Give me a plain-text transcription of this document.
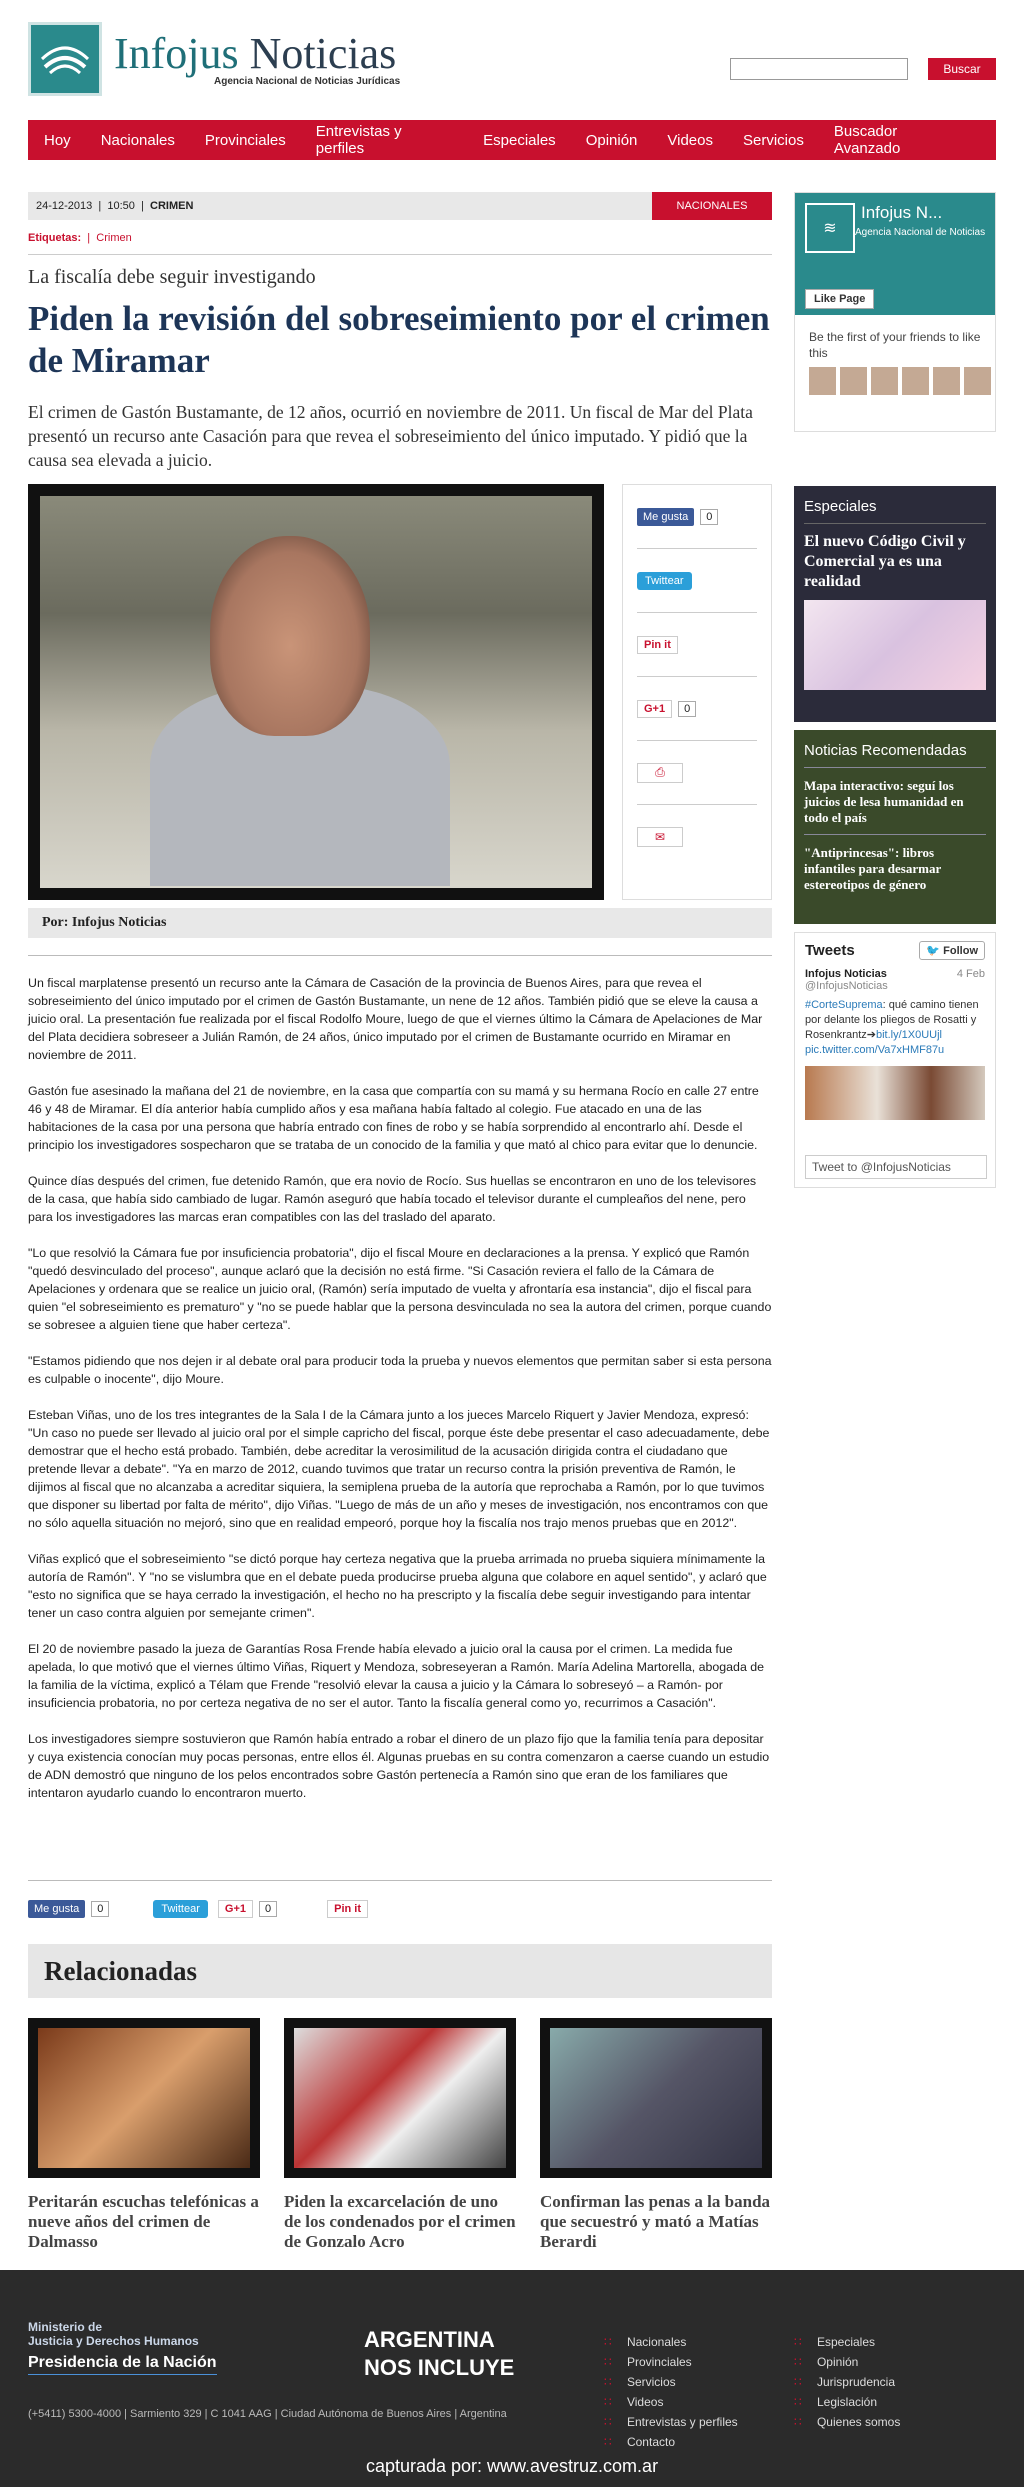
Infojus Noticias
Agencia Nacional de Noticias Jurídicas
Buscar
Hoy Nacionales Provinciales Entrevistas y perfiles	Especiales Opinión Videos Servicios Buscador Avanzado
24-12-2013 | 10:50 | CRIMEN	NACIONALES
Etiquetas:  |  Crimen
La fiscalía debe seguir investigando
Piden la revisión del sobreseimiento por el crimen de Miramar
El crimen de Gastón Bustamante, de 12 años, ocurrió en noviembre de 2011. Un fiscal de Mar del Plata presentó un recurso ante Casación para que revea el sobreseimiento del único imputado. Y pidió que la causa sea elevada a juicio.
Me gusta	0
Twittear
Pin it
G+1	0
⎙
✉
Por: Infojus Noticias

Un fiscal marplatense presentó un recurso ante la Cámara de Casación de la provincia de Buenos Aires, para que revea el sobreseimiento del único imputado por el crimen de Gastón Bustamante, un nene de 12 años. También pidió que se eleve la causa a juicio oral. La presentación fue realizada por el fiscal Rodolfo Moure, luego de que el viernes último la Cámara de Apelaciones de Mar del Plata decidiera sobreseer a Julián Ramón, de 24 años, único imputado por el crimen de Bustamante ocurrido en Miramar en noviembre de 2011.

Gastón fue asesinado la mañana del 21 de noviembre, en la casa que compartía con su mamá y su hermana Rocío en calle 27 entre 46 y 48 de Miramar. El día anterior había cumplido años y esa mañana había faltado al colegio. Fue atacado en una de las habitaciones de la casa por una persona que habría entrado con fines de robo y se había sorprendido al encontrarlo ahí. Desde el principio los investigadores sospecharon que se trataba de un conocido de la familia y que mató al chico para evitar que lo denuncie.

Quince días después del crimen, fue detenido Ramón, que era novio de Rocío. Sus huellas se encontraron en uno de los televisores de la casa, que había sido cambiado de lugar. Ramón aseguró que había tocado el televisor durante el cumpleaños del nene, pero para los investigadores las marcas eran compatibles con las del traslado del aparato.

"Lo que resolvió la Cámara fue por insuficiencia probatoria", dijo el fiscal Moure en declaraciones a la prensa. Y explicó que Ramón "quedó desvinculado del proceso", aunque aclaró que la decisión no está firme. "Si Casación reviera el fallo de la Cámara de Apelaciones y ordenara que se realice un juicio oral, (Ramón) sería imputado de vuelta y afrontaría esa instancia", dijo el fiscal para quien "el sobreseimiento es prematuro" y "no se puede hablar que la persona desvinculada no sea la autora del crimen, porque cuando se sobresee a alguien tiene que haber certeza".

"Estamos pidiendo que nos dejen ir al debate oral para producir toda la prueba y nuevos elementos que permitan saber si esta persona es culpable o inocente", dijo Moure.

Esteban Viñas, uno de los tres integrantes de la Sala I de la Cámara junto a los jueces Marcelo Riquert y Javier Mendoza, expresó: "Un caso no puede ser llevado al juicio oral por el simple capricho del fiscal, porque éste debe presentar el caso adecuadamente, debe demostrar que el hecho está probado. También, debe acreditar la verosimilitud de la acusación dirigida contra el ciudadano que pretende llevar a debate". "Ya en marzo de 2012, cuando tuvimos que tratar un recurso contra la prisión preventiva de Ramón, le dijimos al fiscal que no alcanzaba a acreditar siquiera, la semiplena prueba de la autoría que reprochaba a Ramón, por lo que tuvimos que disponer su libertad por falta de mérito", dijo Viñas. "Luego de más de un año y meses de investigación, nos encontramos con que no sólo aquella situación no mejoró, sino que en realidad empeoró, porque hoy la fiscalía nos trajo menos pruebas que en 2012".

Viñas explicó que el sobreseimiento "se dictó porque hay certeza negativa que la prueba arrimada no prueba siquiera mínimamente la autoría de Ramón". Y "no se vislumbra que en el debate pueda producirse prueba alguna que colabore en aquel sentido", y aclaró que "esto no significa que se haya cerrado la investigación, el hecho no ha prescripto y la fiscalía debe seguir investigando para intentar tener un caso contra alguien por semejante crimen".

El 20 de noviembre pasado la jueza de Garantías Rosa Frende había elevado a juicio oral la causa por el crimen. La medida fue apelada, lo que motivó que el viernes último Viñas, Riquert y Mendoza, sobreseyeran a Ramón. María Adelina Martorella, abogada de la familia de la víctima, explicó a Télam que Frende "resolvió elevar la causa a juicio y la Cámara lo sobreseyó – a Ramón- por insuficiencia probatoria, no por certeza negativa de no ser el autor. Tanto la fiscalía general como yo, recurrimos a Casación".

Los investigadores siempre sostuvieron que Ramón había entrado a robar el dinero de un plazo fijo que la familia tenía para depositar y cuya existencia conocían muy pocas personas, entre ellos él. Algunas pruebas en su contra comenzaron a caerse cuando un estudio de ADN demostró que ninguno de los pelos encontrados sobre Gastón pertenecía a Ramón sino que eran de los familiares que intentaron ayudarlo cuando lo encontraron muerto.

Me gusta	0	Twittear	G+1	0	Pin it
Relacionadas
Peritarán escuchas telefónicas a nueve años del crimen de Dalmasso
Piden la excarcelación de uno de los condenados por el crimen de Gonzalo Acro
Confirman las penas a la banda que secuestró y mató a Matías Berardi
≋
Infojus N...
Agencia Nacional de Noticias
Like Page
Be the first of your friends to like this
Especiales
El nuevo Código Civil y Comercial ya es una realidad
Noticias Recomendadas
Mapa interactivo: seguí los juicios de lesa humanidad en todo el país
"Antiprincesas": libros infantiles para desarmar estereotipos de género
Tweets	🐦 Follow
Infojus Noticias
@InfojusNoticias
4 Feb
#CorteSuprema: qué camino tienen por delante los pliegos de Rosatti y Rosenkrantz➔bit.ly/1X0UUjl pic.twitter.com/Va7xHMF87u
Tweet to @InfojusNoticias
Ministerio de
Justicia y Derechos Humanos
Presidencia de la Nación
ARGENTINA
NOS INCLUYE
(+5411) 5300-4000 | Sarmiento 329 | C 1041 AAG | Ciudad Autónoma de Buenos Aires | Argentina
∷ Nacionales
∷ Provinciales
∷ Servicios
∷ Videos
∷ Entrevistas y perfiles
∷ Contacto
∷ Especiales
∷ Opinión
∷ Jurisprudencia
∷ Legislación
∷ Quienes somos
capturada por: www.avestruz.com.ar
